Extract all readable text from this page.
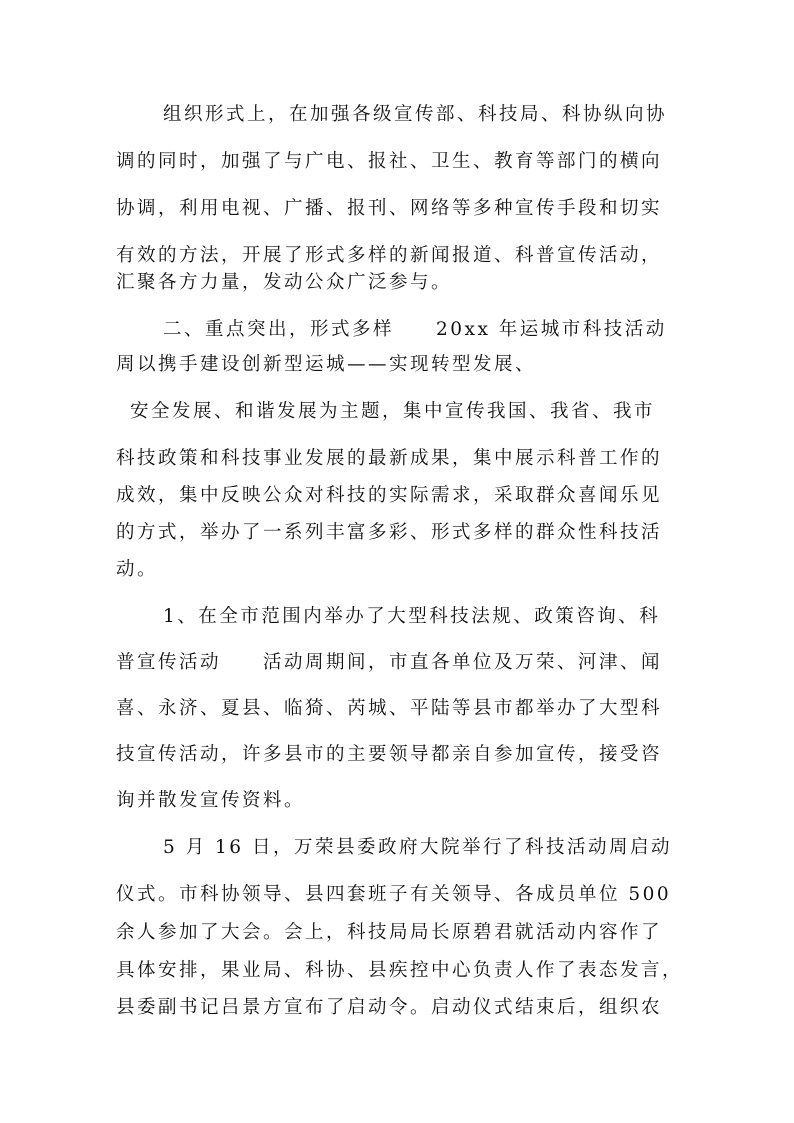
组织形式上，在加强各级宣传部、科技局、科协纵向协
调的同时，加强了与广电、报社、卫生、教育等部门的横向
协调，利用电视、广播、报刊、网络等多种宣传手段和切实
有效的方法，开展了形式多样的新闻报道、科普宣传活动，
汇聚各方力量，发动公众广泛参与。
二、重点突出，形式多样　　20xx 年运城市科技活动
周以携手建设创新型运城——实现转型发展、
安全发展、和谐发展为主题，集中宣传我国、我省、我市
科技政策和科技事业发展的最新成果，集中展示科普工作的
成效，集中反映公众对科技的实际需求，采取群众喜闻乐见
的方式，举办了一系列丰富多彩、形式多样的群众性科技活
动。
1、在全市范围内举办了大型科技法规、政策咨询、科
普宣传活动　　活动周期间，市直各单位及万荣、河津、闻
喜、永济、夏县、临猗、芮城、平陆等县市都举办了大型科
技宣传活动，许多县市的主要领导都亲自参加宣传，接受咨
询并散发宣传资料。
5 月 16 日，万荣县委政府大院举行了科技活动周启动
仪式。市科协领导、县四套班子有关领导、各成员单位 500
余人参加了大会。会上，科技局局长原碧君就活动内容作了
具体安排，果业局、科协、县疾控中心负责人作了表态发言，
县委副书记吕景方宣布了启动令。启动仪式结束后，组织农
